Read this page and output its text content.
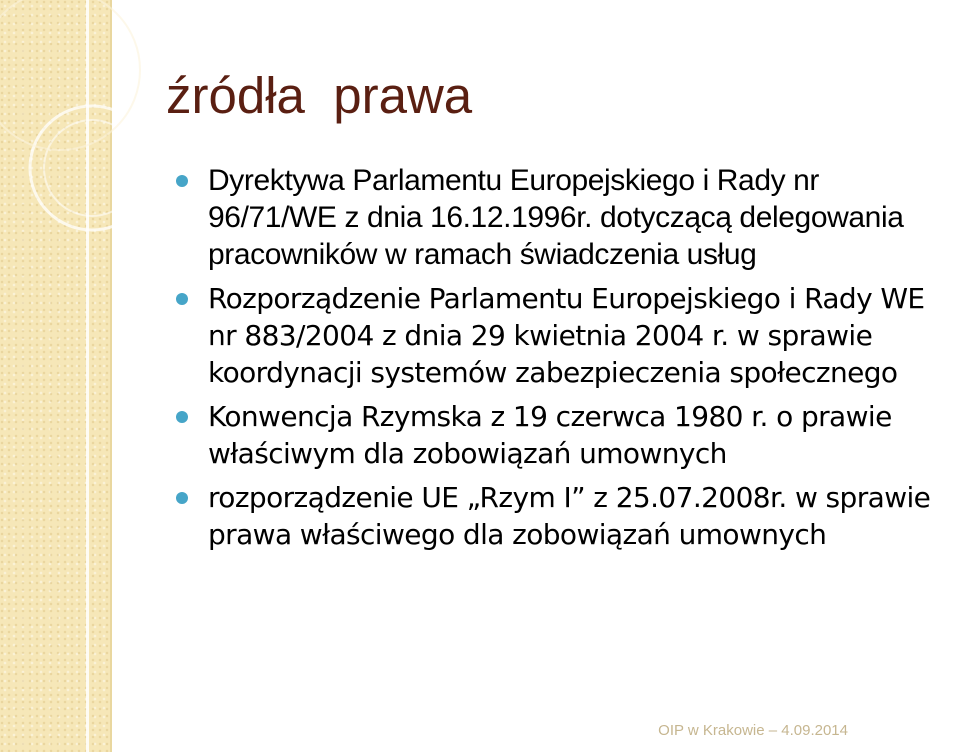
źródła  prawa
Dyrektywa Parlamentu Europejskiego i Rady nr 96/71/WE z dnia 16.12.1996r. dotyczącą delegowania pracowników w ramach świadczenia usług
Rozporządzenie Parlamentu Europejskiego i Rady WE nr 883/2004 z dnia 29 kwietnia 2004 r. w sprawie koordynacji systemów zabezpieczenia społecznego
Konwencja Rzymska z 19 czerwca 1980 r. o prawie właściwym dla zobowiązań umownych
rozporządzenie UE „Rzym I” z 25.07.2008r. w sprawie prawa właściwego dla zobowiązań umownych
OIP w Krakowie – 4.09.2014
